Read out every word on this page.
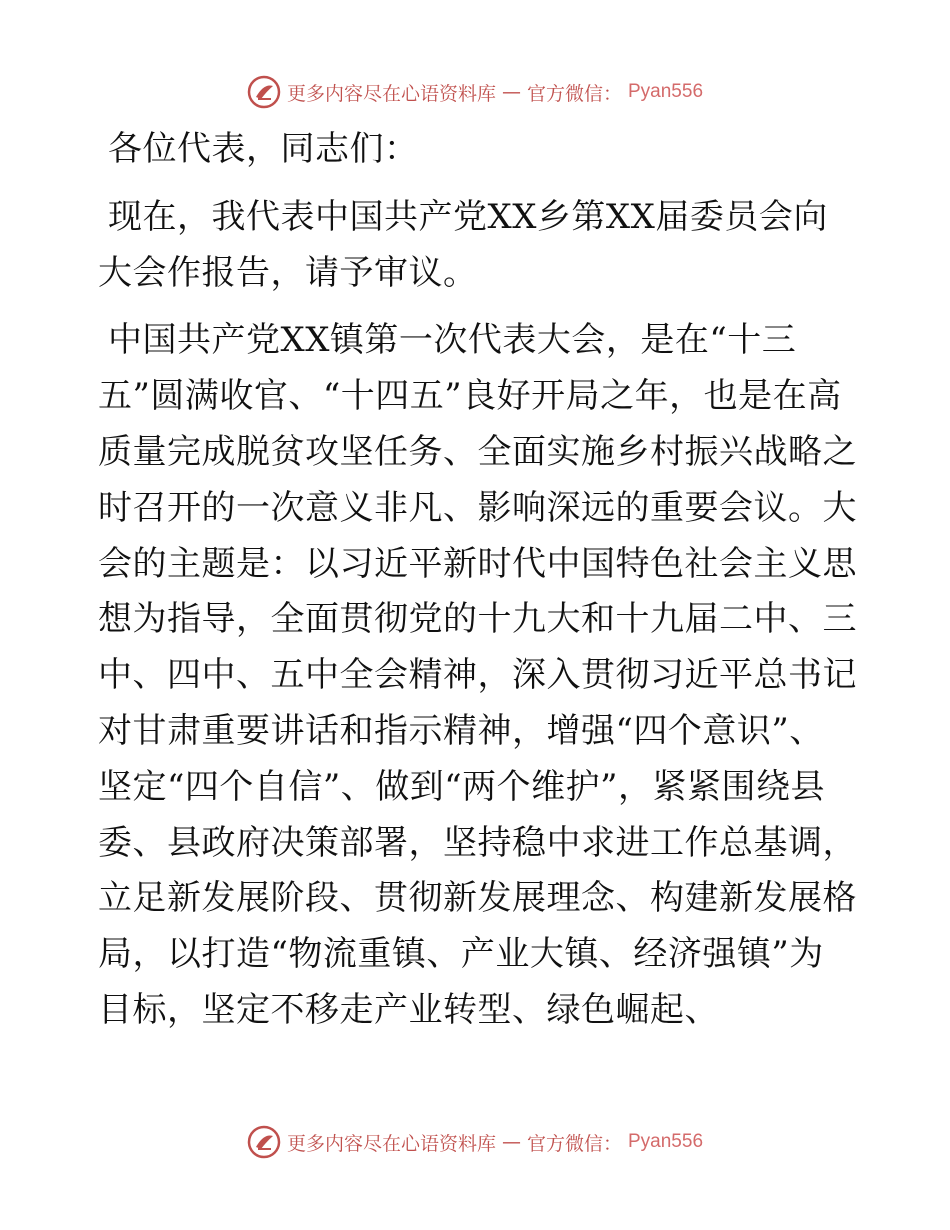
更多内容尽在心语资料库 — 官方微信： Pyan556

各位代表，同志们：

现在，我代表中国共产党XX乡第XX届委员会向大会作报告，请予审议。

中国共产党XX镇第一次代表大会，是在“十三五”圆满收官、“十四五”良好开局之年，也是在高质量完成脱贫攻坚任务、全面实施乡村振兴战略之时召开的一次意义非凡、影响深远的重要会议。大会的主题是：以习近平新时代中国特色社会主义思想为指导，全面贯彻党的十九大和十九届二中、三中、四中、五中全会精神，深入贯彻习近平总书记对甘肃重要讲话和指示精神，增强“四个意识”、坚定“四个自信”、做到“两个维护”，紧紧围绕县委、县政府决策部署，坚持稳中求进工作总基调，立足新发展阶段、贯彻新发展理念、构建新发展格局，以打造“物流重镇、产业大镇、经济强镇”为目标，坚定不移走产业转型、绿色崛起、

更多内容尽在心语资料库 — 官方微信： Pyan556
